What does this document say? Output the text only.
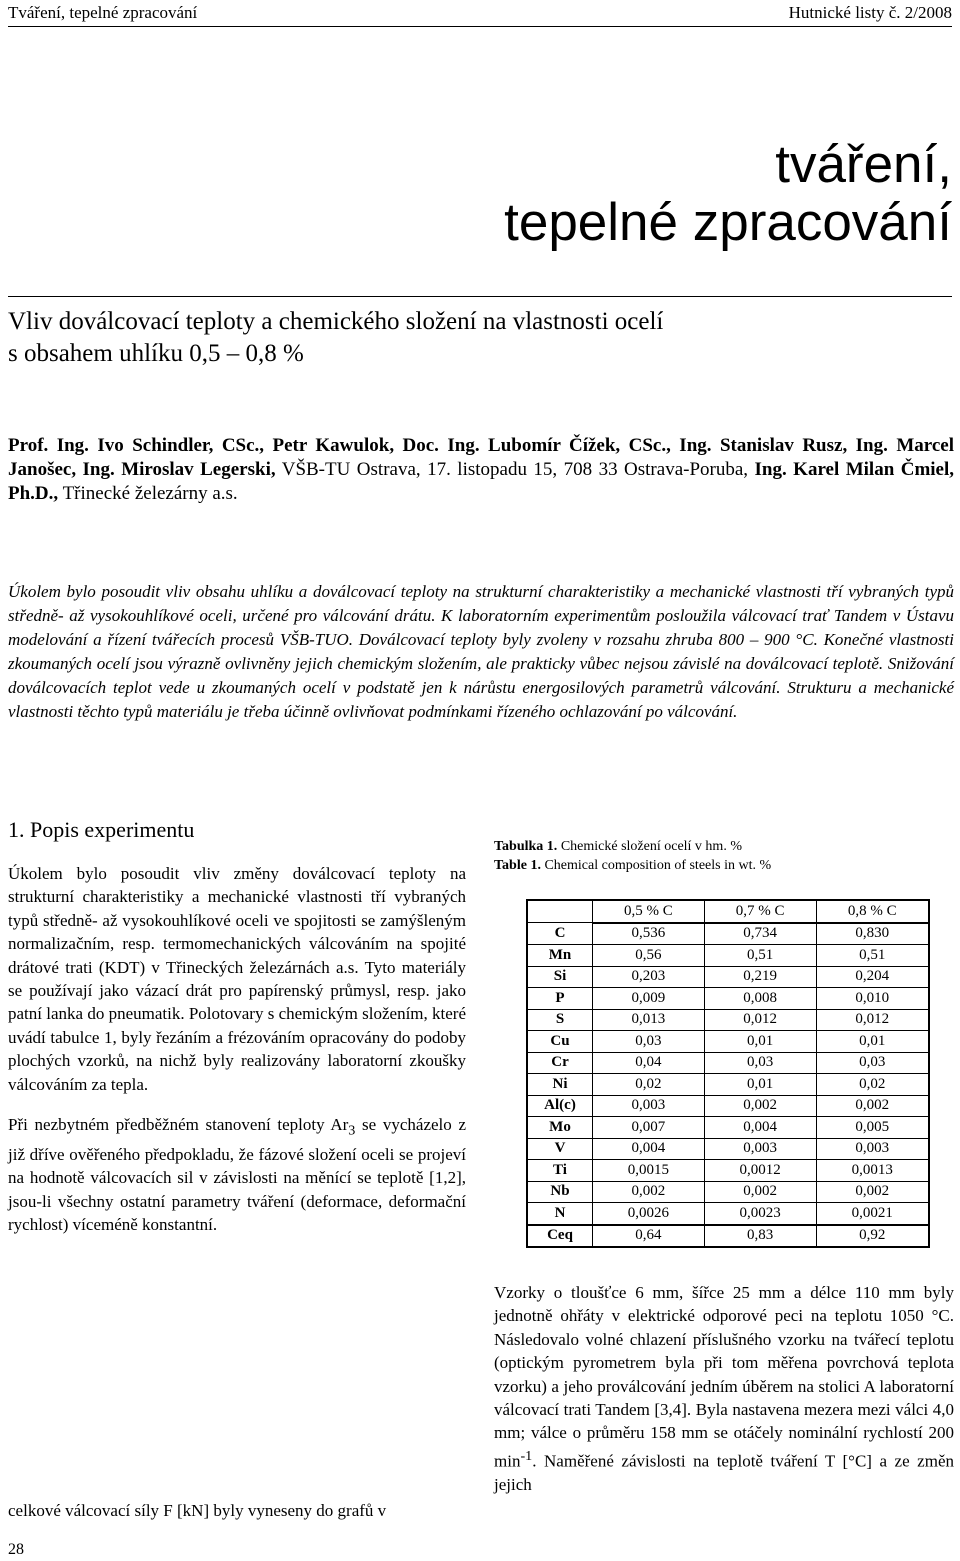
Tváření, tepelné zpracování	Hutnické listy č. 2/2008
tváření,
tepelné zpracování
Vliv doválcovací teploty a chemického složení na vlastnosti ocelí
s obsahem uhlíku 0,5 – 0,8 %
Prof. Ing. Ivo Schindler, CSc., Petr Kawulok, Doc. Ing. Lubomír Čížek, CSc., Ing. Stanislav Rusz, Ing. Marcel Janošec, Ing. Miroslav Legerski, VŠB-TU Ostrava, 17. listopadu 15, 708 33 Ostrava-Poruba, Ing. Karel Milan Čmiel, Ph.D., Třinecké železárny a.s.
Úkolem bylo posoudit vliv obsahu uhlíku a doválcovací teploty na strukturní charakteristiky a mechanické vlastnosti tří vybraných typů středně- až vysokouhlíkové oceli, určené pro válcování drátu. K laboratorním experimentům posloužila válcovací trať Tandem v Ústavu modelování a řízení tvářecích procesů VŠB-TUO. Doválcovací teploty byly zvoleny v rozsahu zhruba 800 – 900 °C. Konečné vlastnosti zkoumaných ocelí jsou výrazně ovlivněny jejich chemickým složením, ale prakticky vůbec nejsou závislé na doválcovací teplotě. Snižování doválcovacích teplot vede u zkoumaných ocelí v podstatě jen k nárůstu energosilových parametrů válcování. Strukturu a mechanické vlastnosti těchto typů materiálu je třeba účinně ovlivňovat podmínkami řízeného ochlazování po válcování.
1. Popis experimentu

Úkolem bylo posoudit vliv změny doválcovací teploty na strukturní charakteristiky a mechanické vlastnosti tří vybraných typů středně- až vysokouhlíkové oceli ve spojitosti se zamýšleným normalizačním, resp. termomechanických válcováním na spojité drátové trati (KDT) v Třineckých železárnách a.s. Tyto materiály se používají jako vázací drát pro papírenský průmysl, resp. jako patní lanka do pneumatik. Polotovary s chemickým složením, které uvádí tabulce 1, byly řezáním a frézováním opracovány do podoby plochých vzorků, na nichž byly realizovány laboratorní zkoušky válcováním za tepla.

Při nezbytném předběžném stanovení teploty $Ar_3$ se vycházelo z již dříve ověřeného předpokladu, že fázové složení oceli se projeví na hodnotě válcovacích sil v závislosti na měnící se teplotě [1,2], jsou-li všechny ostatní parametry tváření (deformace, deformační rychlost) víceméně konstantní.

celkové válcovací síly F [kN] byly vyneseny do grafů v
Tabulka 1. Chemické složení ocelí v hm. %
Table 1. Chemical composition of steels in wt. %
	0,5 % C	0,7 % C	0,8 % C
C	0,536	0,734	0,830
Mn	0,56	0,51	0,51
Si	0,203	0,219	0,204
P	0,009	0,008	0,010
S	0,013	0,012	0,012
Cu	0,03	0,01	0,01
Cr	0,04	0,03	0,03
Ni	0,02	0,01	0,02
Al(c)	0,003	0,002	0,002
Mo	0,007	0,004	0,005
V	0,004	0,003	0,003
Ti	0,0015	0,0012	0,0013
Nb	0,002	0,002	0,002
N	0,0026	0,0023	0,0021
Ceq	0,64	0,83	0,92
Vzorky o tloušťce 6 mm, šířce 25 mm a délce 110 mm byly jednotně ohřáty v elektrické odporové peci na teplotu 1050 °C. Následovalo volné chlazení příslušného vzorku na tvářecí teplotu (optickým pyrometrem byla při tom měřena povrchová teplota vzorku) a jeho proválcování jedním úběrem na stolici A laboratorní válcovací trati Tandem [3,4]. Byla nastavena mezera mezi válci 4,0 mm; válce o průměru 158 mm se otáčely nominální rychlostí 200 $\min^{-1}$. Naměřené závislosti na teplotě tváření T [°C] a ze změn jejich
28
